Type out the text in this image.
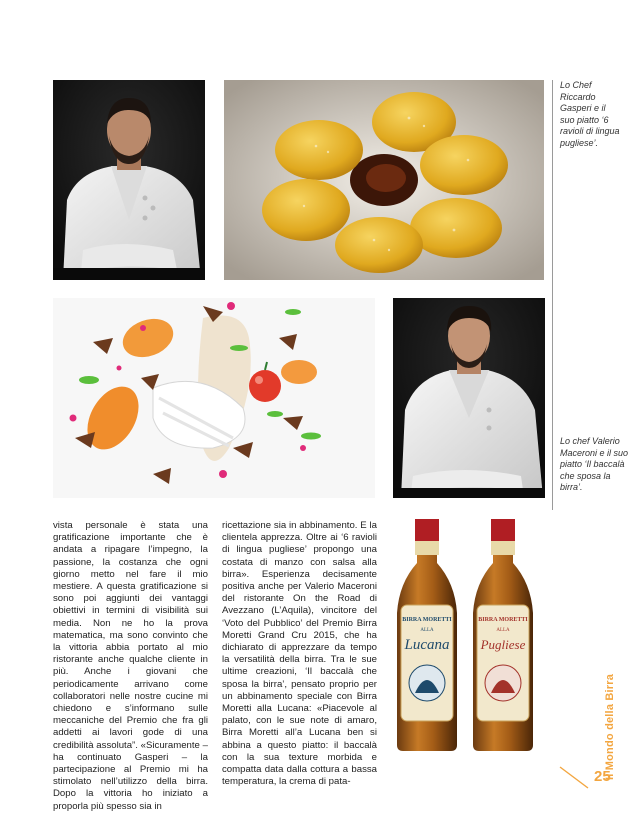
Lo Chef Riccardo Gasperi e il suo piatto ‘6 ravioli di lingua pugliese’.
Lo chef Valerio Maceroni e il suo piatto ‘Il baccalà che sposa la birra’.

vista personale è stata una gratificazione importante che è andata a ripagare l’impegno, la passione, la costanza che ogni giorno metto nel fare il mio mestiere. A questa gratificazione si sono poi aggiunti dei vantaggi obiettivi in termini di visibilità sui media. Non ne ho la prova matematica, ma sono convinto che la vittoria abbia portato al mio ristorante anche qualche cliente in più. Anche i giovani che periodicamente arrivano come collaboratori nelle nostre cucine mi chiedono e s’informano sulle meccaniche del Premio che fra gli addetti ai lavori gode di una credibilità assoluta”. «Sicuramente – ha continuato Gasperi – la partecipazione al Premio mi ha stimolato nell’utilizzo della birra. Dopo la vittoria ho iniziato a proporla più spesso sia in

ricettazione sia in abbinamento. E la clientela apprezza. Oltre ai ‘6 ravioli di lingua pugliese’ propongo una costata di manzo con salsa alla birra». Esperienza decisamente positiva anche per Valerio Maceroni del ristorante On the Road di Avezzano (L’Aquila), vincitore del ‘Voto del Pubblico’ del Premio Birra Moretti Grand Cru 2015, che ha dichiarato di apprezzare da tempo la versatilità della birra. Tra le sue ultime creazioni, ‘Il baccalà che sposa la birra’, pensato proprio per un abbinamento speciale con Birra Moretti alla Lucana: «Piacevole al palato, con le sue note di amaro, Birra Moretti all’a Lucana ben si abbina a questo piatto: il baccalà con la sua texture morbida e compatta data dalla cottura a bassa temperatura, la crema di pata-

BIRRA MORETTI
ALLA
Lucana
BIRRA MORETTI
ALLA
Pugliese
Il Mondo della Birra
25
